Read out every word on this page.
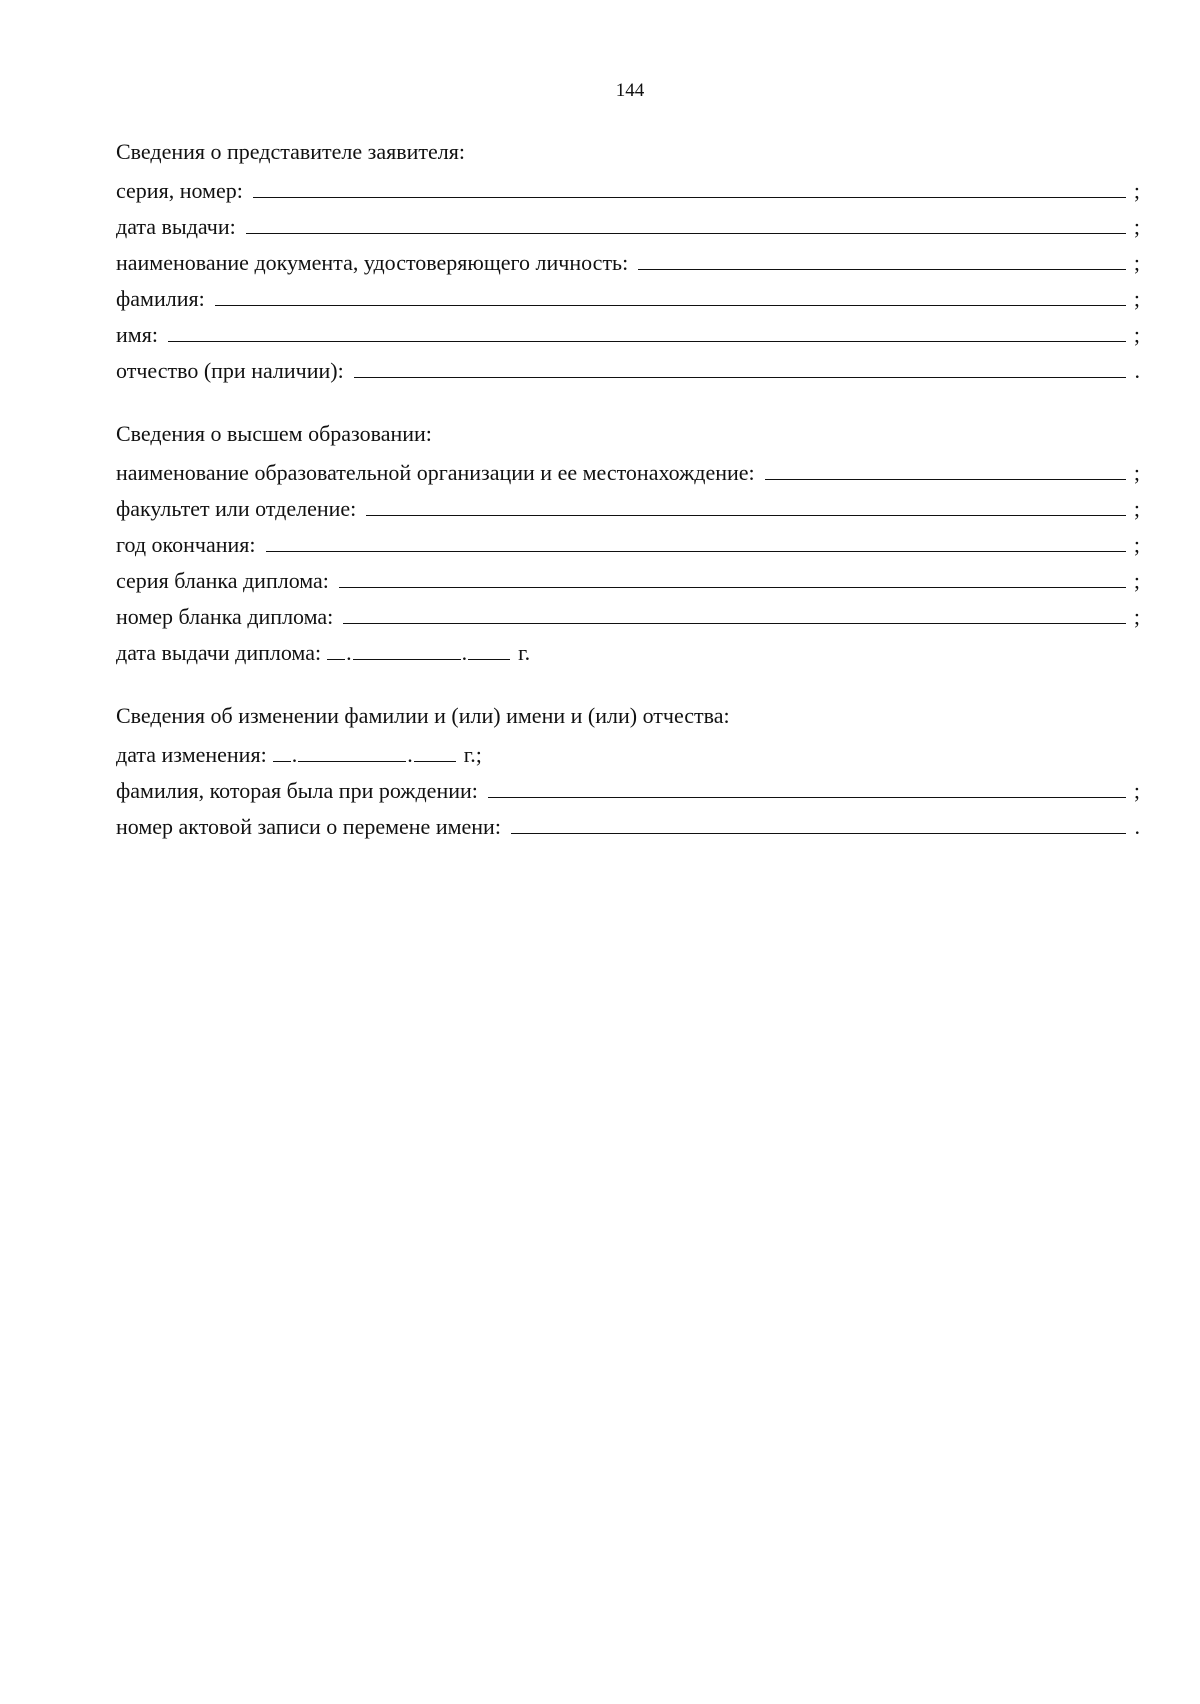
144
Сведения о представителе заявителя:
серия, номер:	;
дата выдачи:	;
наименование документа, удостоверяющего личность:	;
фамилия:	;
имя:	;
отчество (при наличии):	.
Сведения о высшем образовании:
наименование образовательной организации и ее местонахождение:	;
факультет или отделение:	;
год окончания:	;
серия бланка диплома:	;
номер бланка диплома:	;
дата выдачи диплома: .	.	г.
Сведения об изменении фамилии и (или) имени и (или) отчества:
дата изменения: .	.	г.;
фамилия, которая была при рождении:	;
номер актовой записи о перемене имени:	.
